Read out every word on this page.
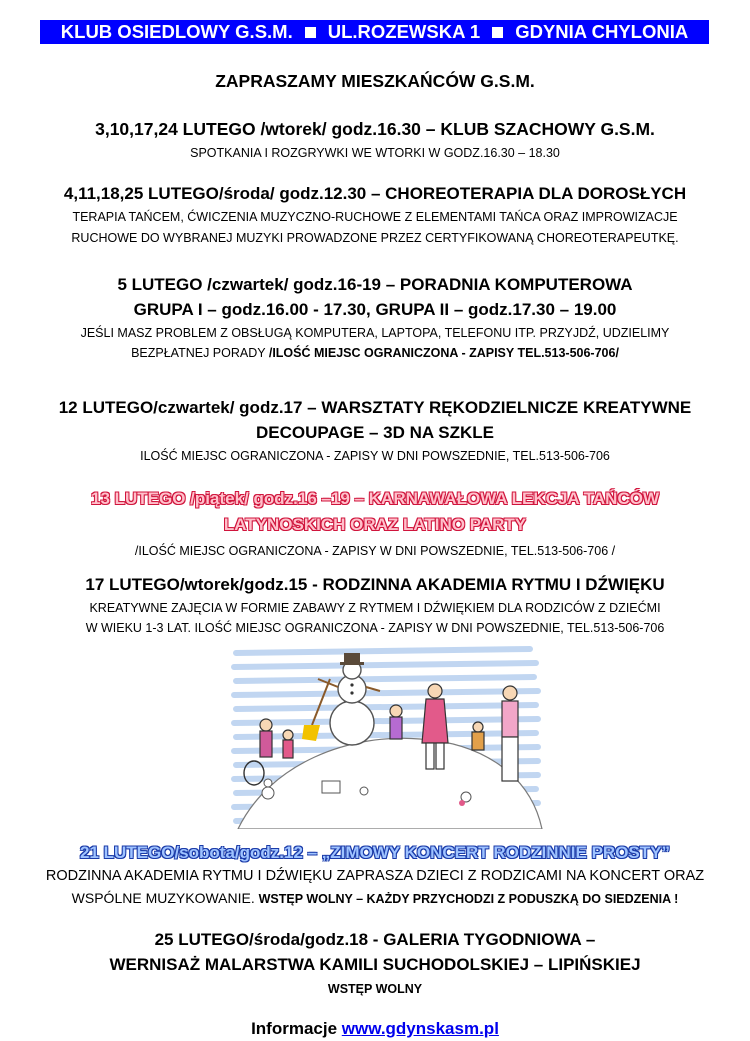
KLUB OSIEDLOWY G.S.M. UL.ROZEWSKA 1 GDYNIA CHYLONIA
ZAPRASZAMY MIESZKAŃCÓW G.S.M.
3,10,17,24 LUTEGO /wtorek/ godz.16.30 – KLUB SZACHOWY G.S.M.
SPOTKANIA I ROZGRYWKI WE WTORKI W GODZ.16.30 – 18.30
4,11,18,25 LUTEGO/środa/ godz.12.30 – CHOREOTERAPIA DLA DOROSŁYCH
TERAPIA TAŃCEM, ĆWICZENIA MUZYCZNO-RUCHOWE Z ELEMENTAMI TAŃCA ORAZ IMPROWIZACJE
RUCHOWE DO WYBRANEJ MUZYKI PROWADZONE PRZEZ CERTYFIKOWANĄ CHOREOTERAPEUTKĘ.
5 LUTEGO /czwartek/ godz.16-19 – PORADNIA KOMPUTEROWA
GRUPA I – godz.16.00 - 17.30, GRUPA II – godz.17.30 – 19.00
JEŚLI MASZ PROBLEM Z OBSŁUGĄ KOMPUTERA, LAPTOPA, TELEFONU ITP. PRZYJDŹ, UDZIELIMY
BEZPŁATNEJ PORADY /ILOŚĆ MIEJSC OGRANICZONA - ZAPISY TEL.513-506-706/
12 LUTEGO/czwartek/ godz.17 – WARSZTATY RĘKODZIELNICZE KREATYWNE
DECOUPAGE – 3D NA SZKLE
ILOŚĆ MIEJSC OGRANICZONA - ZAPISY W DNI POWSZEDNIE, TEL.513-506-706
13 LUTEGO /piątek/ godz.16 –19 – KARNAWAŁOWA LEKCJA TAŃCÓW
LATYNOSKICH ORAZ LATINO PARTY
/ILOŚĆ MIEJSC OGRANICZONA - ZAPISY W DNI POWSZEDNIE, TEL.513-506-706 /
17 LUTEGO/wtorek/godz.15 - RODZINNA AKADEMIA RYTMU I DŹWIĘKU
KREATYWNE ZAJĘCIA W FORMIE ZABAWY Z RYTMEM I DŹWIĘKIEM DLA RODZICÓW Z DZIEĆMI
W WIEKU 1-3 LAT. ILOŚĆ MIEJSC OGRANICZONA - ZAPISY W DNI POWSZEDNIE, TEL.513-506-706
21 LUTEGO/sobota/godz.12 – „ZIMOWY KONCERT RODZINNIE PROSTY”
RODZINNA AKADEMIA RYTMU I DŹWIĘKU ZAPRASZA DZIECI Z RODZICAMI NA KONCERT ORAZ
WSPÓLNE MUZYKOWANIE. WSTĘP WOLNY – KAŻDY PRZYCHODZI Z PODUSZKĄ DO SIEDZENIA !
25 LUTEGO/środa/godz.18 - GALERIA TYGODNIOWA –
WERNISAŻ MALARSTWA KAMILI SUCHODOLSKIEJ – LIPIŃSKIEJ
WSTĘP WOLNY
Informacje www.gdynskasm.pl
